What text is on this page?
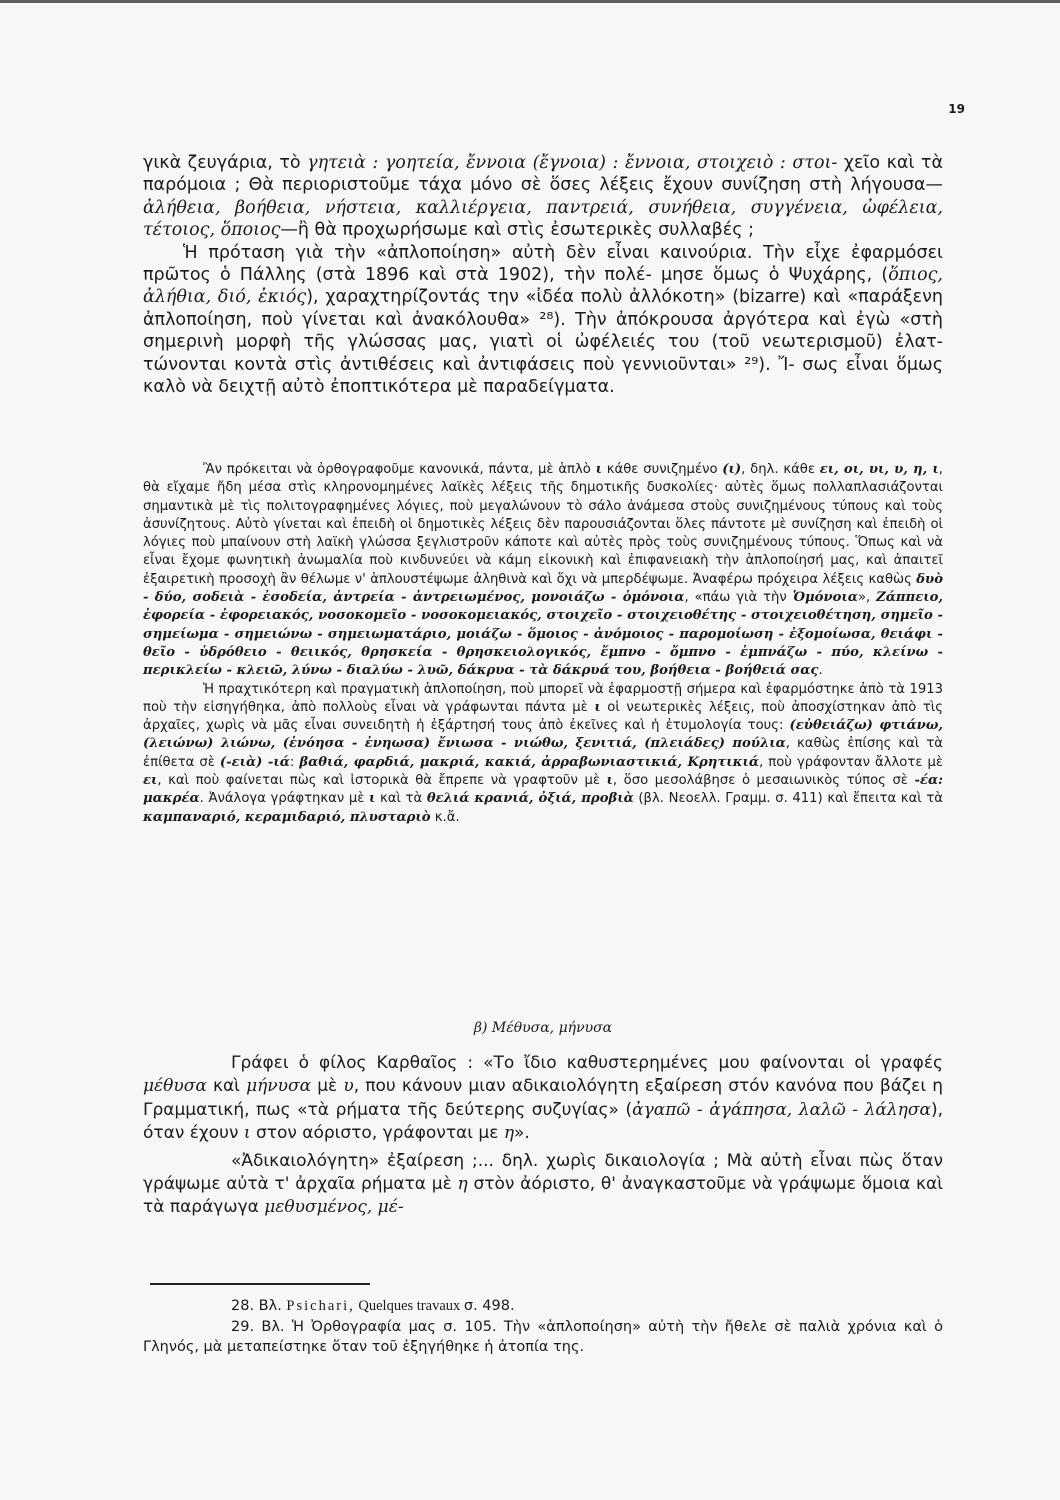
19

γικὰ ζευγάρια, τὸ γητειὰ : γοητεία, ἔννοια (ἔγνοια) : ἔννοια, στοιχειὸ : στοι- χεῖο καὶ τὰ παρόμοια ; Θὰ περιοριστοῦμε τάχα μόνο σὲ ὅσες λέξεις ἔχουν συνίζηση στὴ λήγουσα—ἀλήθεια, βοήθεια, νήστεια, καλλιέργεια, παντρειά, συνήθεια, συγγένεια, ὠφέλεια, τέτοιος, ὅποιος—ἢ θὰ προχωρήσωμε καὶ στὶς ἐσωτερικὲς συλλαβές ;

Ἡ πρόταση γιὰ τὴν «ἀπλοποίηση» αὐτὴ δὲν εἶναι καινούρια. Τὴν εἶχε ἐφαρμόσει πρῶτος ὁ Πάλλης (στὰ 1896 καὶ στὰ 1902), τὴν πολέ- μησε ὅμως ὁ Ψυχάρης, (ὅπιος, ἀλήθια, διό, ἐκιός), χαραχτηρίζοντάς την «ἰδέα πολὺ ἀλλόκοτη» (bizarre) καὶ «παράξενη ἀπλοποίηση, ποὺ γίνεται καὶ ἀνακόλουθα» ²⁸). Τὴν ἀπόκρουσα ἀργότερα καὶ ἐγὼ «στὴ σημερινὴ μορφὴ τῆς γλώσσας μας, γιατὶ οἱ ὠφέλειές του (τοῦ νεωτερισμοῦ) ἐλατ- τώνονται κοντὰ στὶς ἀντιθέσεις καὶ ἀντιφάσεις ποὺ γεννιοῦνται» ²⁹). Ἴ- σως εἶναι ὅμως καλὸ νὰ δειχτῇ αὐτὸ ἐποπτικότερα μὲ παραδείγματα.

Ἂν πρόκειται νὰ ὀρθογραφοῦμε κανονικά, πάντα, μὲ ἁπλὸ ι κάθε συνιζημένο (ι), δηλ. κάθε ει, οι, υι, υ, η, ι, θὰ εἴχαμε ἤδη μέσα στὶς κληρονομημένες λαϊκὲς λέξεις τῆς δημοτικῆς δυσκολίες· αὐτὲς ὅμως πολλαπλασιάζονται σημαντικὰ μὲ τὶς πολιτογραφημένες λόγιες, ποὺ μεγαλώνουν τὸ σάλο ἀνάμεσα στοὺς συνιζημένους τύπους καὶ τοὺς ἀσυνίζητους. Αὐτὸ γίνεται καὶ ἐπειδὴ οἱ δημοτικὲς λέξεις δὲν παρουσιάζονται ὅλες πάντοτε μὲ συνίζηση καὶ ἐπειδὴ οἱ λόγιες ποὺ μπαίνουν στὴ λαϊκὴ γλώσσα ξεγλιστροῦν κάποτε καὶ αὐτὲς πρὸς τοὺς συνιζημένους τύπους. Ὅπως καὶ νὰ εἶναι ἔχομε φωνητικὴ ἀνωμαλία ποὺ κινδυνεύει νὰ κάμη εἰκονικὴ καὶ ἐπιφανειακὴ τὴν ἁπλοποίησή μας, καὶ ἀπαιτεῖ ἐξαιρετικὴ προσοχὴ ἂν θέλωμε ν' ἁπλουστέψωμε ἀληθινὰ καὶ ὄχι νὰ μπερδέψωμε. Ἀναφέρω πρόχειρα λέξεις καθὼς δυὸ - δύο, σοδειὰ - ἐσοδεία, ἀντρεία - ἀντρειωμένος, μονοιάζω - ὁμόνοια, «πάω γιὰ τὴν Ὁμόνοια», Ζάππειο, ἐφορεία - ἐφορειακός, νοσοκομεῖο - νοσοκομειακός, στοιχεῖο - στοιχειοθέτης - στοιχειοθέτηση, σημεῖο - σημείωμα - σημειώνω - σημειωματάριο, μοιάζω - ὅμοιος - ἀνόμοιος - παρομοίωση - ἐξομοίωσα, θειάφι - θεῖο - ὑδρόθειο - θειικός, θρησκεία - θρησκειολογικός, ἔμπνο - ὄμπνο - ἐμπνάζω - πύο, κλείνω - περικλείω - κλειῶ, λύνω - διαλύω - λυῶ, δάκρυα - τὰ δάκρυά του, βοήθεια - βοήθειά σας.

Ἡ πραχτικότερη καὶ πραγματικὴ ἁπλοποίηση, ποὺ μπορεῖ νὰ ἐφαρμοστῇ σήμερα καὶ ἐφαρμόστηκε ἀπὸ τὰ 1913 ποὺ τὴν εἰσηγήθηκα, ἀπὸ πολλοὺς εἶναι νὰ γράφωνται πάντα μὲ ι οἱ νεωτερικὲς λέξεις, ποὺ ἀποσχίστηκαν ἀπὸ τὶς ἀρχαῖες, χωρὶς νὰ μᾶς εἶναι συνειδητὴ ἡ ἐξάρτησή τους ἀπὸ ἐκεῖνες καὶ ἡ ἐτυμολογία τους: (εὐθειάζω) φτιάνω, (λειώνω) λιώνω, (ἑνόησα - ἐνηωσα) ἔνιωσα - νιώθω, ξενιτιά, (πλειάδες) πούλια, καθὼς ἐπίσης καὶ τὰ ἐπίθετα σὲ (-ειὰ) -ιά: βαθιά, φαρδιά, μακριά, κακιά, ἀρραβωνιαστικιά, Κρητικιά, ποὺ γράφονταν ἄλλοτε μὲ ει, καὶ ποὺ φαίνεται πὼς καὶ ἱστορικὰ θὰ ἔπρεπε νὰ γραφτοῦν μὲ ι, ὅσο μεσολάβησε ὁ μεσαιωνικὸς τύπος σὲ -έα: μακρέα. Ἀνάλογα γράφτηκαν μὲ ι καὶ τὰ θελιά κρανιά, ὀξιά, προβιὰ (βλ. Νεοελλ. Γραμμ. σ. 411) καὶ ἔπειτα καὶ τὰ καμπαναριό, κεραμιδαριό, πλυσταριὸ κ.ἄ.

β) Μέθυσα, μήνυσα

Γράφει ὁ φίλος Καρθαῖος : «Το ἴδιο καθυστερημένες μου φαίνονται οἱ γραφές μέθυσα καὶ μήνυσα μὲ υ, που κάνουν μιαν αδικαιολόγητη εξαίρεση στόν κανόνα που βάζει η Γραμματική, πως «τὰ ρήματα τῆς δεύτερης συζυγίας» (ἀγαπῶ - ἀγάπησα, λαλῶ - λάλησα), όταν έχουν ι στον αόριστο, γράφονται με η».

«Ἀδικαιολόγητη» ἐξαίρεση ;... δηλ. χωρὶς δικαιολογία ; Μὰ αὐτὴ εἶναι πὼς ὅταν γράψωμε αὐτὰ τ' ἀρχαῖα ρήματα μὲ η στὸν ἀόριστο, θ' ἀναγκαστοῦμε νὰ γράψωμε ὅμοια καὶ τὰ παράγωγα μεθυσμένος, μέ-

28. Βλ. Psichari, Quelques travaux σ. 498.

29. Βλ. Ἡ Ὀρθογραφία μας σ. 105. Τὴν «ἁπλοποίηση» αὐτὴ τὴν ἤθελε σὲ παλιὰ χρόνια καὶ ὁ Γληνός, μὰ μεταπείστηκε ὅταν τοῦ ἐξηγήθηκε ἡ ἀτοπία της.
